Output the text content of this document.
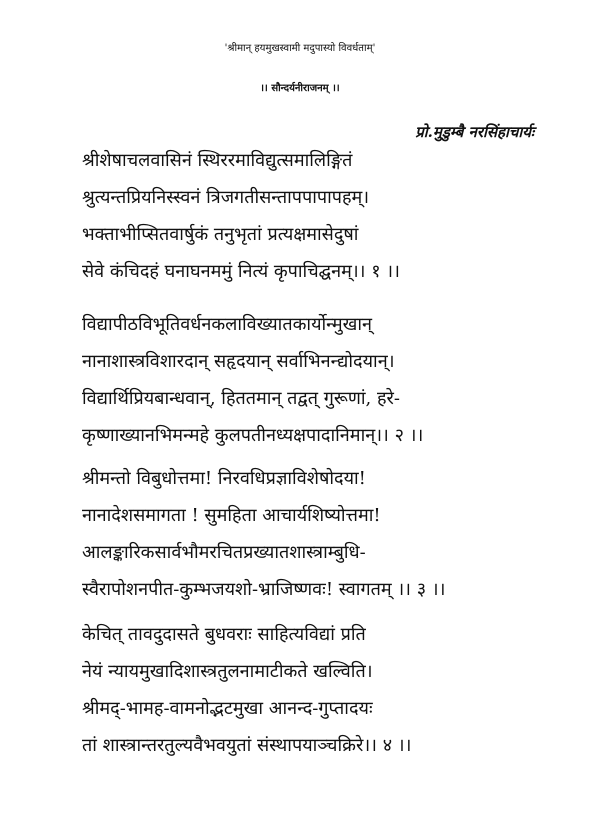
'श्रीमान् हयमुखस्वामी मदुपास्यो विवर्धताम्'
।। सौन्दर्यनीराजनम् ।।
प्रो.मुडुम्बै नरसिंहाचार्यः
श्रीशेषाचलवासिनं स्थिररमाविद्युत्समालिङ्गितं
श्रुत्यन्तप्रियनिस्स्वनं त्रिजगतीसन्तापपापापहम्।
भक्ताभीप्सितवार्षुकं तनुभृतां प्रत्यक्षमासेदुषां
सेवे कंचिदहं घनाघनममुं नित्यं कृपाचिद्घनम्।। १ ।।
विद्यापीठविभूतिवर्धनकलाविख्यातकार्योन्मुखान्
नानाशास्त्रविशारदान् सहृदयान् सर्वाभिनन्द्योदयान्।
विद्यार्थिप्रियबान्धवान्, हिततमान् तद्वत् गुरूणां, हरे-
कृष्णाख्यानभिमन्महे कुलपतीनध्यक्षपादानिमान्।। २ ।।
श्रीमन्तो विबुधोत्तमा! निरवधिप्रज्ञाविशेषोदया!
नानादेशसमागता ! सुमहिता आचार्यशिष्योत्तमा!
आलङ्कारिकसार्वभौमरचितप्रख्यातशास्त्राम्बुधि-
स्वैरापोशनपीत-कुम्भजयशो-भ्राजिष्णवः! स्वागतम् ।। ३ ।।
केचित् तावदुदासते बुधवराः साहित्यविद्यां प्रति
नेयं न्यायमुखादिशास्त्रतुलनामाटीकते खल्विति।
श्रीमद्-भामह-वामनोद्भटमुखा आनन्द-गुप्तादयः
तां शास्त्रान्तरतुल्यवैभवयुतां संस्थापयाञ्चक्रिरे।। ४ ।।
